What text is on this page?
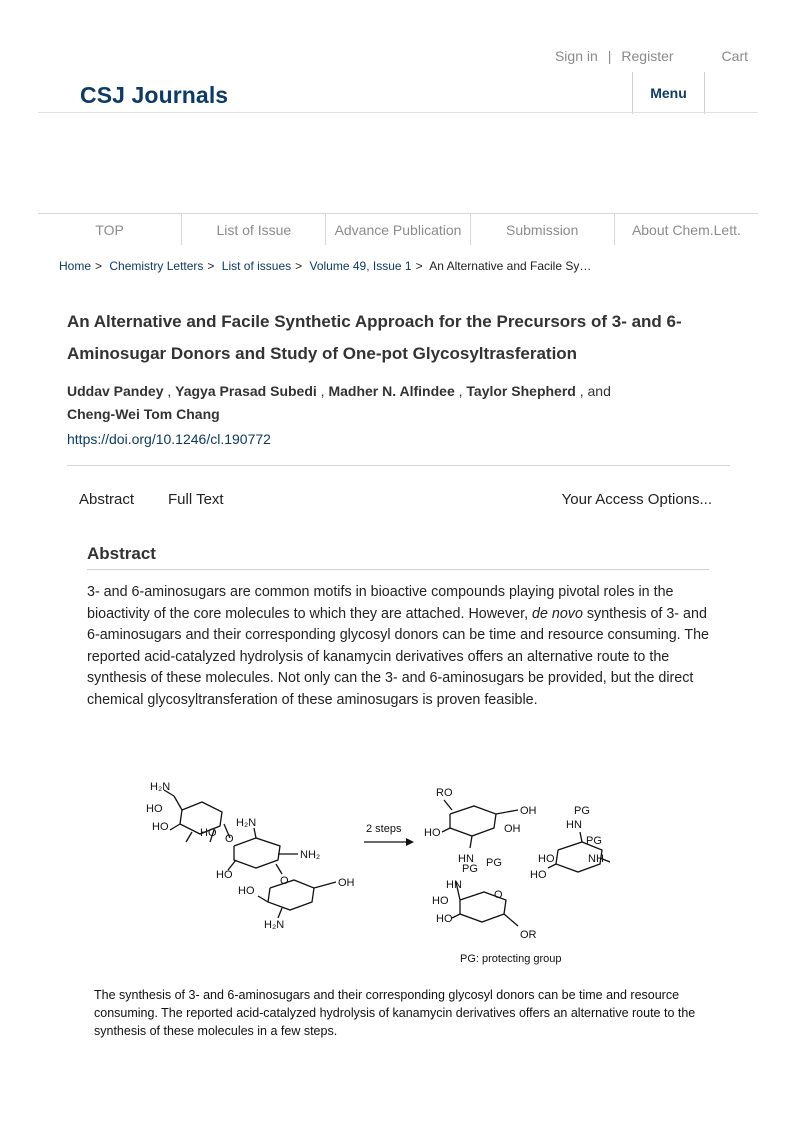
Sign in | Register	Cart
CSJ Journals	Menu
TOP	List of Issue	Advance Publication	Submission	About Chem.Lett.
Home > Chemistry Letters > List of issues > Volume 49, Issue 1 > An Alternative and Facile Sy…
An Alternative and Facile Synthetic Approach for the Precursors of 3- and 6-Aminosugar Donors and Study of One-pot Glycosyltrasferation
Uddav Pandey , Yagya Prasad Subedi , Madher N. Alfindee , Taylor Shepherd , and
Cheng-Wei Tom Chang
https://doi.org/10.1246/cl.190772
Abstract Full Text	Your Access Options...
Abstract

3- and 6-aminosugars are common motifs in bioactive compounds playing pivotal roles in the bioactivity of the core molecules to which they are attached. However, de novo synthesis of 3- and 6-aminosugars and their corresponding glycosyl donors can be time and resource consuming. The reported acid-catalyzed hydrolysis of kanamycin derivatives offers an alternative route to the synthesis of these molecules. Not only can the 3- and 6-aminosugars be provided, but the direct chemical glycosyltransferation of these aminosugars is proven feasible.

2 steps
H₂N
HO
HO	HO O
H₂N
HO
NH₂
O
HO
H₂N
OH
RO
HO
HN PG
OH
OH	HN
PG
NH
PG
HO
HO
PG
HN
HO
HO
O
OR
PG: protecting group

The synthesis of 3- and 6-aminosugars and their corresponding glycosyl donors can be time and resource consuming. The reported acid-catalyzed hydrolysis of kanamycin derivatives offers an alternative route to the synthesis of these molecules in a few steps.
